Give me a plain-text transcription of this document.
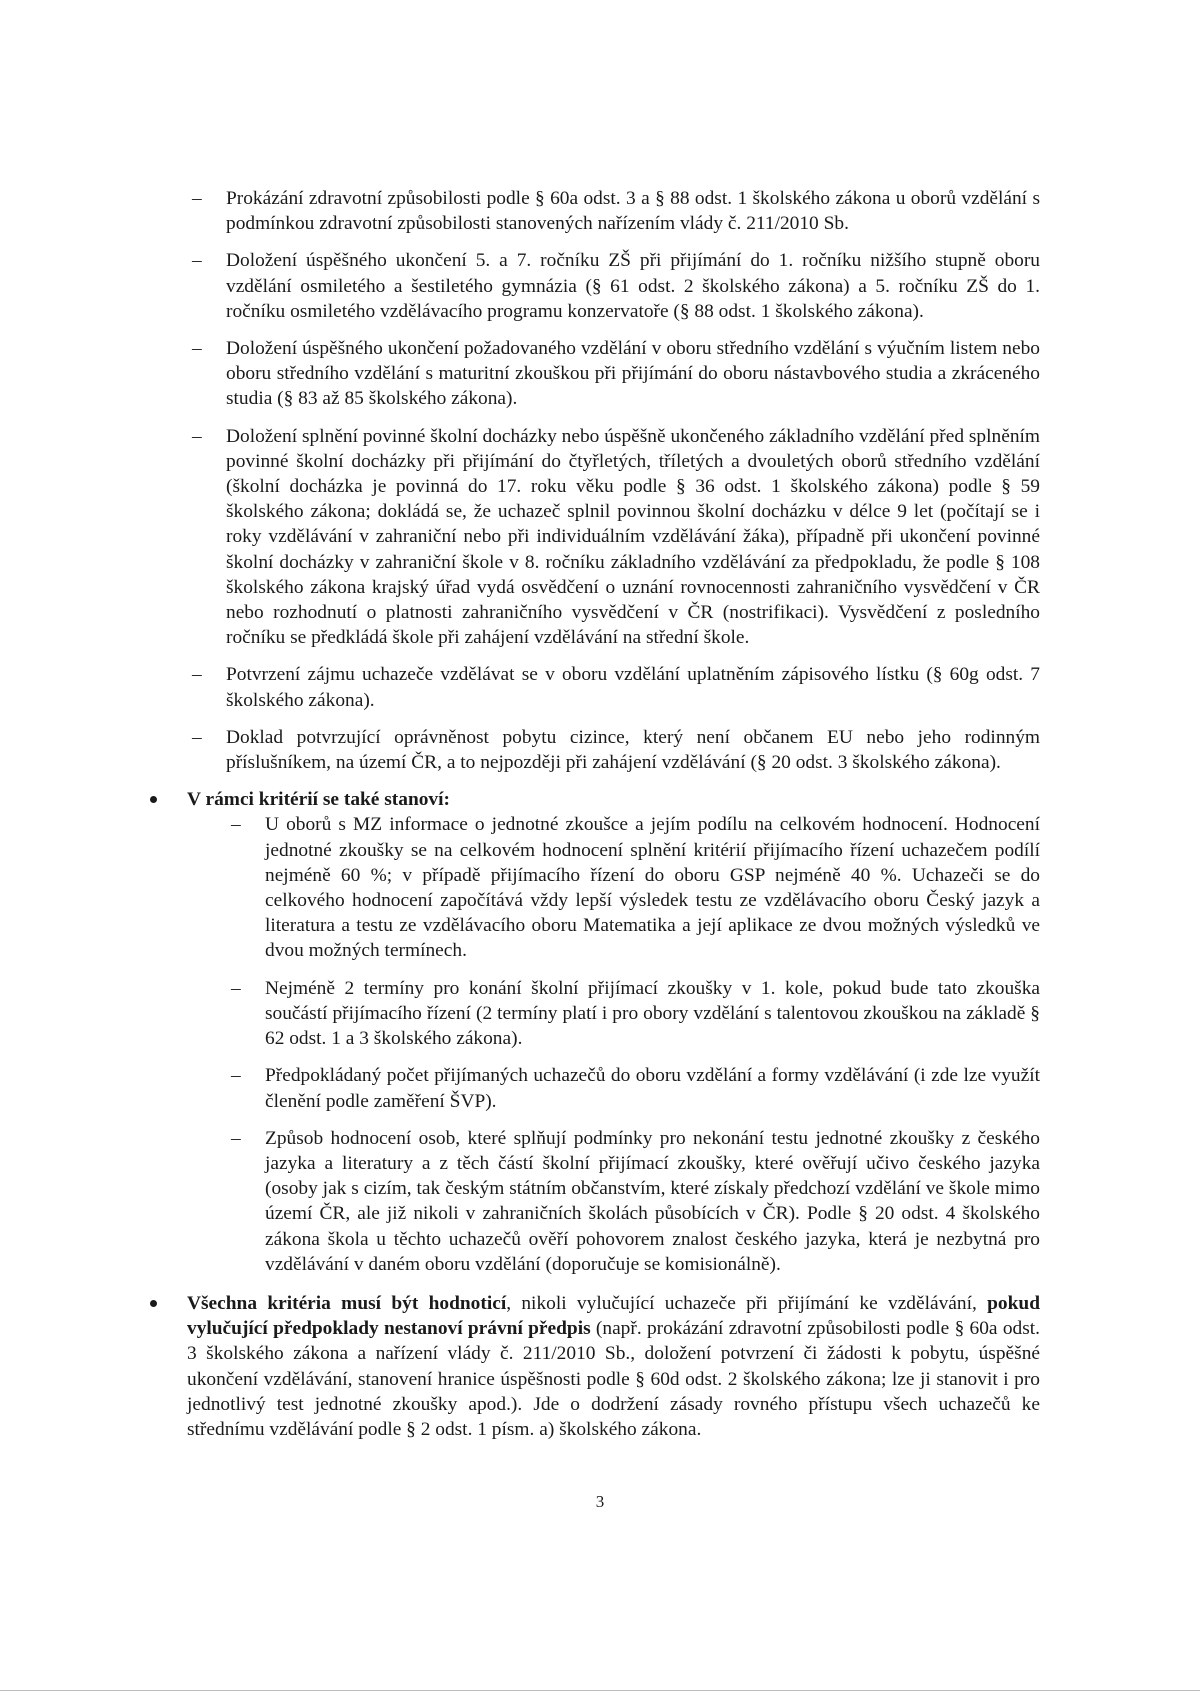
– Prokázání zdravotní způsobilosti podle § 60a odst. 3 a § 88 odst. 1 školského zákona u oborů vzdělání s podmínkou zdravotní způsobilosti stanovených nařízením vlády č. 211/2010 Sb.

– Doložení úspěšného ukončení 5. a 7. ročníku ZŠ při přijímání do 1. ročníku nižšího stupně oboru vzdělání osmiletého a šestiletého gymnázia (§ 61 odst. 2 školského zákona) a 5. ročníku ZŠ do 1. ročníku osmiletého vzdělávacího programu konzervatoře (§ 88 odst. 1 školského zákona).

– Doložení úspěšného ukončení požadovaného vzdělání v oboru středního vzdělání s výučním listem nebo oboru středního vzdělání s maturitní zkouškou při přijímání do oboru nástavbového studia a zkráceného studia (§ 83 až 85 školského zákona).

– Doložení splnění povinné školní docházky nebo úspěšně ukončeného základního vzdělání před splněním povinné školní docházky při přijímání do čtyřletých, tříletých a dvouletých oborů středního vzdělání (školní docházka je povinná do 17. roku věku podle § 36 odst. 1 školského zákona) podle § 59 školského zákona; dokládá se, že uchazeč splnil povinnou školní docházku v délce 9 let (počítají se i roky vzdělávání v zahraniční nebo při individuálním vzdělávání žáka), případně při ukončení povinné školní docházky v zahraniční škole v 8. ročníku základního vzdělávání za předpokladu, že podle § 108 školského zákona krajský úřad vydá osvědčení o uznání rovnocennosti zahraničního vysvědčení v ČR nebo rozhodnutí o platnosti zahraničního vysvědčení v ČR (nostrifikaci). Vysvědčení z posledního ročníku se předkládá škole při zahájení vzdělávání na střední škole.

– Potvrzení zájmu uchazeče vzdělávat se v oboru vzdělání uplatněním zápisového lístku (§ 60g odst. 7 školského zákona).

– Doklad potvrzující oprávněnost pobytu cizince, který není občanem EU nebo jeho rodinným příslušníkem, na území ČR, a to nejpozději při zahájení vzdělávání (§ 20 odst. 3 školského zákona).

V rámci kritérií se také stanoví:

– U oborů s MZ informace o jednotné zkoušce a jejím podílu na celkovém hodnocení. Hodnocení jednotné zkoušky se na celkovém hodnocení splnění kritérií přijímacího řízení uchazečem podílí nejméně 60 %; v případě přijímacího řízení do oboru GSP nejméně 40 %. Uchazeči se do celkového hodnocení započítává vždy lepší výsledek testu ze vzdělávacího oboru Český jazyk a literatura a testu ze vzdělávacího oboru Matematika a její aplikace ze dvou možných výsledků ve dvou možných termínech.

– Nejméně 2 termíny pro konání školní přijímací zkoušky v 1. kole, pokud bude tato zkouška součástí přijímacího řízení (2 termíny platí i pro obory vzdělání s talentovou zkouškou na základě § 62 odst. 1 a 3 školského zákona).

– Předpokládaný počet přijímaných uchazečů do oboru vzdělání a formy vzdělávání (i zde lze využít členění podle zaměření ŠVP).

– Způsob hodnocení osob, které splňují podmínky pro nekonání testu jednotné zkoušky z českého jazyka a literatury a z těch částí školní přijímací zkoušky, které ověřují učivo českého jazyka (osoby jak s cizím, tak českým státním občanstvím, které získaly předchozí vzdělání ve škole mimo území ČR, ale již nikoli v zahraničních školách působících v ČR). Podle § 20 odst. 4 školského zákona škola u těchto uchazečů ověří pohovorem znalost českého jazyka, která je nezbytná pro vzdělávání v daném oboru vzdělání (doporučuje se komisionálně).

Všechna kritéria musí být hodnoticí, nikoli vylučující uchazeče při přijímání ke vzdělávání, pokud vylučující předpoklady nestanoví právní předpis (např. prokázání zdravotní způsobilosti podle § 60a odst. 3 školského zákona a nařízení vlády č. 211/2010 Sb., doložení potvrzení či žádosti k pobytu, úspěšné ukončení vzdělávání, stanovení hranice úspěšnosti podle § 60d odst. 2 školského zákona; lze ji stanovit i pro jednotlivý test jednotné zkoušky apod.). Jde o dodržení zásady rovného přístupu všech uchazečů ke střednímu vzdělávání podle § 2 odst. 1 písm. a) školského zákona.

3
